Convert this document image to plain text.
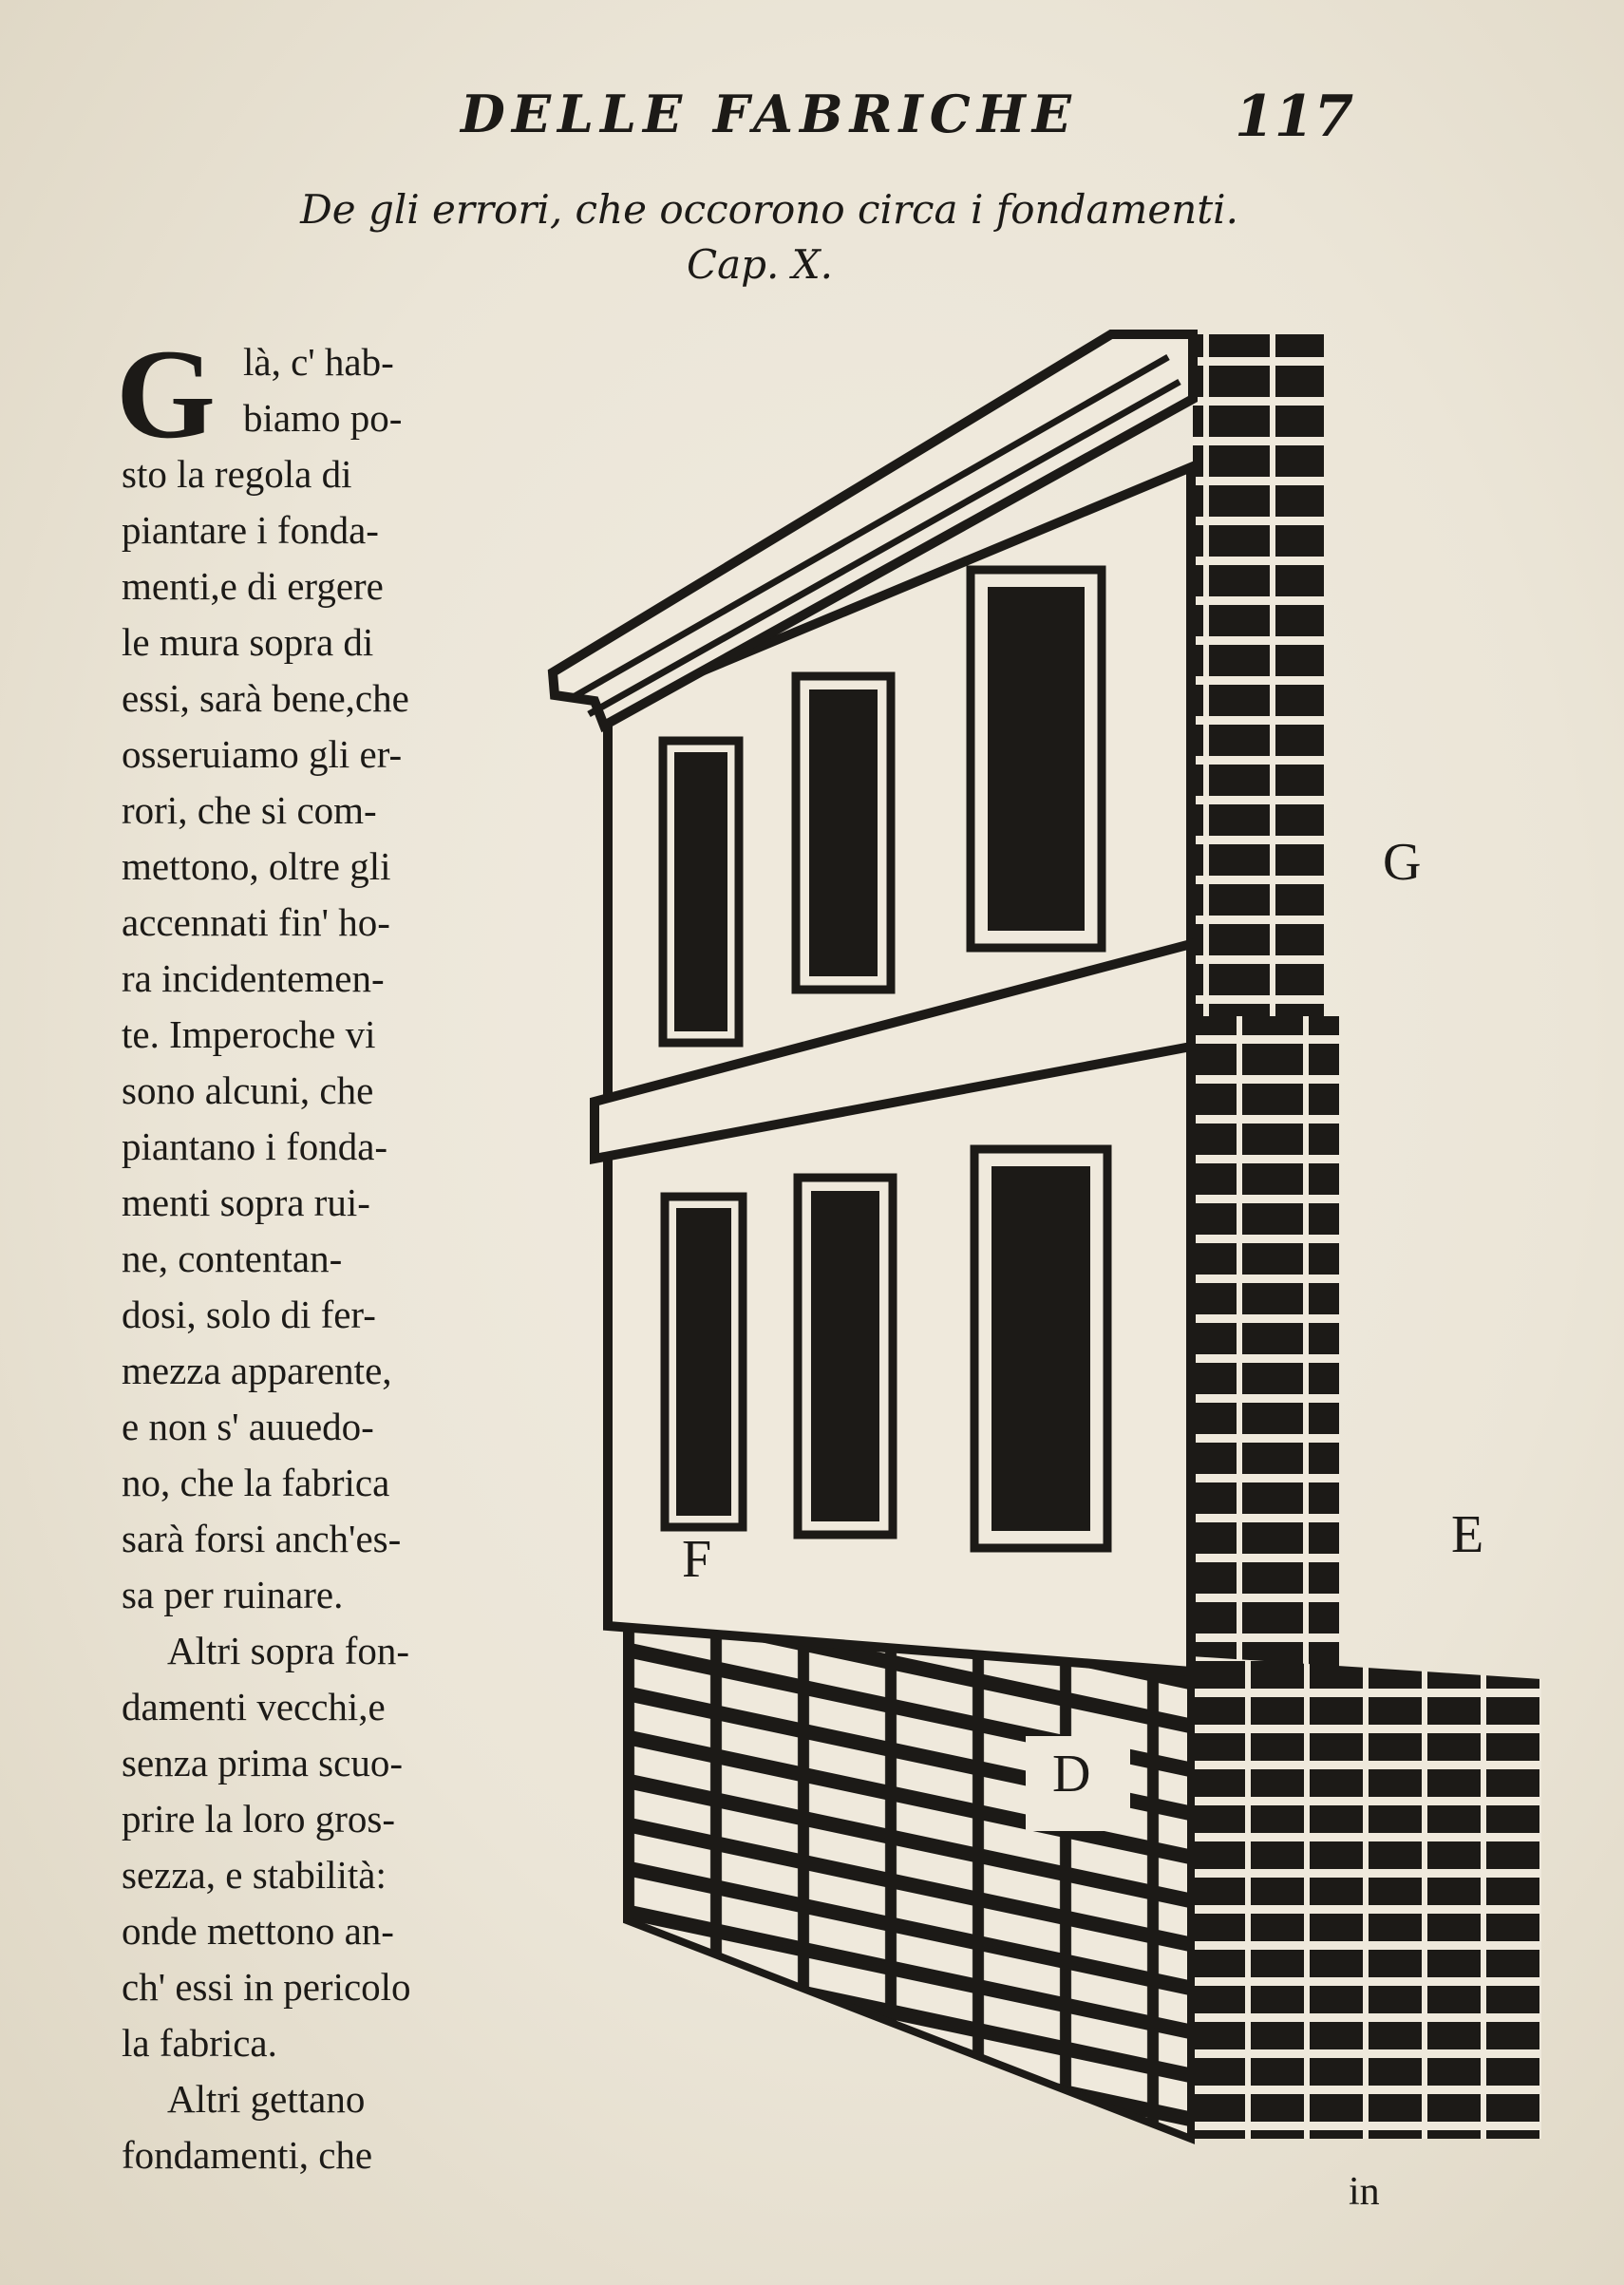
DELLE FABRICHE	117
De gli errori, che occorono circa i fondamenti.
Cap. X.
G là, c' hab-
biamo po-
sto la regola di
piantare i fonda-
menti,e di ergere
le mura sopra di
essi, sarà bene,che
osseruiamo gli er-
rori, che si com-
mettono, oltre gli
accennati fin' ho-
ra incidentemen-
te. Imperoche vi
sono alcuni, che
piantano i fonda-
menti sopra rui-
ne, contentan-
dosi, solo di fer-
mezza apparente,
e non s' auuedo-
no, che la fabrica
sarà forsi anch'es-
sa per ruinare.
Altri sopra fon-
damenti vecchi,e
senza prima scuo-
prire la loro gros-
sezza, e stabilità:
onde mettono an-
ch' essi in pericolo
la fabrica.
Altri gettano
fondamenti, che
G
E
F
D
in
